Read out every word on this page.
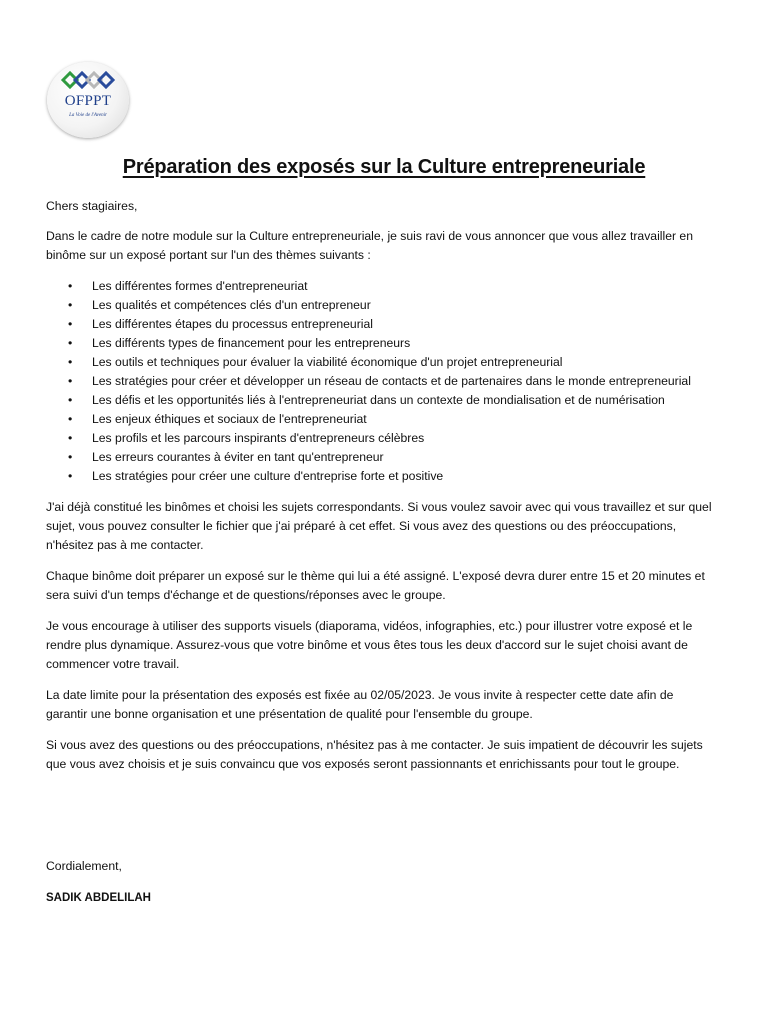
OFPPT
La Voie de l'Avenir
Préparation des exposés sur la Culture entrepreneuriale

Chers stagiaires,

Dans le cadre de notre module sur la Culture entrepreneuriale, je suis ravi de vous annoncer que vous allez travailler en binôme sur un exposé portant sur l'un des thèmes suivants :

• Les différentes formes d'entrepreneuriat
• Les qualités et compétences clés d'un entrepreneur
• Les différentes étapes du processus entrepreneurial
• Les différents types de financement pour les entrepreneurs
• Les outils et techniques pour évaluer la viabilité économique d'un projet entrepreneurial
• Les stratégies pour créer et développer un réseau de contacts et de partenaires dans le monde entrepreneurial
• Les défis et les opportunités liés à l'entrepreneuriat dans un contexte de mondialisation et de numérisation
• Les enjeux éthiques et sociaux de l'entrepreneuriat
• Les profils et les parcours inspirants d'entrepreneurs célèbres
• Les erreurs courantes à éviter en tant qu'entrepreneur
• Les stratégies pour créer une culture d'entreprise forte et positive

J'ai déjà constitué les binômes et choisi les sujets correspondants. Si vous voulez savoir avec qui vous travaillez et sur quel sujet, vous pouvez consulter le fichier que j'ai préparé à cet effet. Si vous avez des questions ou des préoccupations, n'hésitez pas à me contacter.

Chaque binôme doit préparer un exposé sur le thème qui lui a été assigné. L'exposé devra durer entre 15 et 20 minutes et sera suivi d'un temps d'échange et de questions/réponses avec le groupe.

Je vous encourage à utiliser des supports visuels (diaporama, vidéos, infographies, etc.) pour illustrer votre exposé et le rendre plus dynamique. Assurez-vous que votre binôme et vous êtes tous les deux d'accord sur le sujet choisi avant de commencer votre travail.

La date limite pour la présentation des exposés est fixée au 02/05/2023. Je vous invite à respecter cette date afin de garantir une bonne organisation et une présentation de qualité pour l'ensemble du groupe.

Si vous avez des questions ou des préoccupations, n'hésitez pas à me contacter. Je suis impatient de découvrir les sujets que vous avez choisis et je suis convaincu que vos exposés seront passionnants et enrichissants pour tout le groupe.

Cordialement,
SADIK ABDELILAH
